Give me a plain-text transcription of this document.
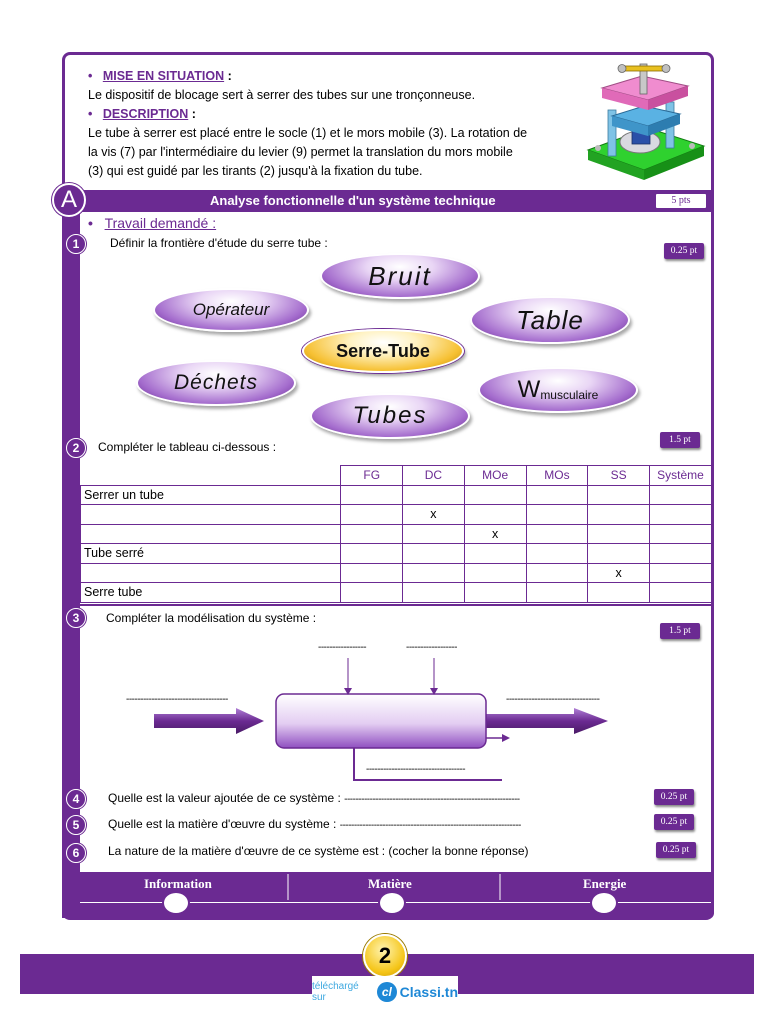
• MISE EN SITUATION :
Le dispositif de blocage sert à serrer des tubes sur une tronçonneuse.
• DESCRIPTION :
Le tube à serrer est placé entre le socle (1) et le mors mobile (3). La rotation de
la vis (7) par l'intermédiaire du levier (9) permet la translation du mors mobile
(3) qui est guidé par les tirants (2) jusqu'à la fixation du tube.
Analyse fonctionnelle d'un système technique
A	5 pts
• Travail demandé :
1	Définir la frontière d'étude du serre tube :
0.25 pt
Bruit
Opérateur	Table
Serre-Tube
Déchets	W musculaire
Tubes
2	Compléter le tableau ci-dessous :	1.5 pt
	FG	DC	MOe	MOs	SS	Système
Serrer un tube						
		x				
			x			
Tube serré						
					x	
Serre tube						
3	Compléter la modélisation du système :
1.5 pt
-----------------	------------------
------------------------------------	---------------------------------
-----------------------------------
4	Quelle est la valeur ajoutée de ce système : --------------------------------------------------------------	0.25 pt
5	Quelle est la matière d'œuvre du système : ----------------------------------------------------------------	0.25 pt
6	La nature de la matière d'œuvre de ce système est : (cocher la bonne réponse)	0.25 pt
Information	Matière	Energie
2
téléchargé sur	cl Classi.tn
